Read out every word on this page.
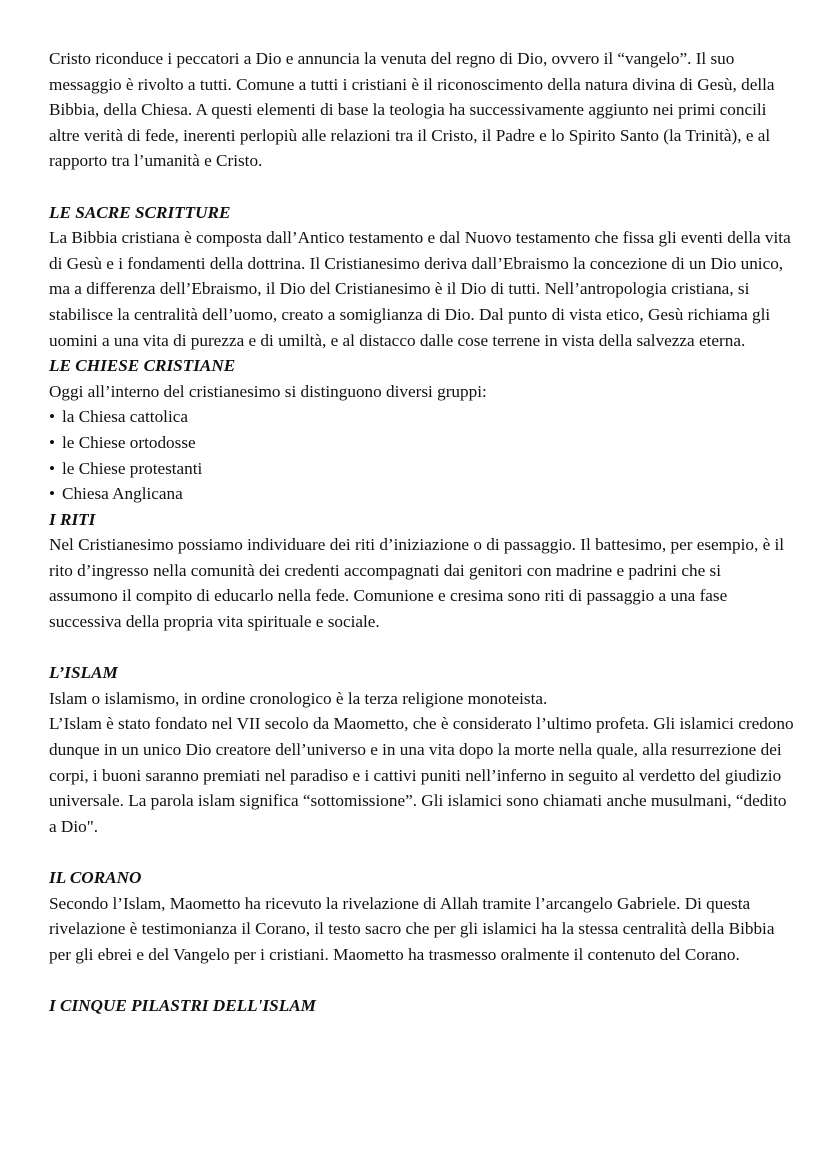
Cristo riconduce i peccatori a Dio e annuncia la venuta del regno di Dio, ovvero il “vangelo”. Il suo messaggio è rivolto a tutti. Comune a tutti i cristiani è il riconoscimento della natura divina di Gesù, della Bibbia, della Chiesa. A questi elementi di base la teologia ha successivamente aggiunto nei primi concili altre verità di fede, inerenti perlopiù alle relazioni tra il Cristo, il Padre e lo Spirito Santo (la Trinità), e al rapporto tra l’umanità e Cristo.

LE SACRE SCRITTURE

La Bibbia cristiana è composta dall’Antico testamento e dal Nuovo testamento che fissa gli eventi della vita di Gesù e i fondamenti della dottrina. Il Cristianesimo deriva dall’Ebraismo la concezione di un Dio unico, ma a differenza dell’Ebraismo, il Dio del Cristianesimo è il Dio di tutti. Nell’antropologia cristiana, si stabilisce la centralità dell’uomo, creato a somiglianza di Dio. Dal punto di vista etico, Gesù richiama gli uomini a una vita di purezza e di umiltà, e al distacco dalle cose terrene in vista della salvezza eterna.

LE CHIESE CRISTIANE

Oggi all’interno del cristianesimo si distinguono diversi gruppi:

• la Chiesa cattolica
• le Chiese ortodosse
• le Chiese protestanti
• Chiesa Anglicana

I RITI

Nel Cristianesimo possiamo individuare dei riti d’iniziazione o di passaggio. Il battesimo, per esempio, è il rito d’ingresso nella comunità dei credenti accompagnati dai genitori con madrine e padrini che si assumono il compito di educarlo nella fede. Comunione e cresima sono riti di passaggio a una fase successiva della propria vita spirituale e sociale.

L’ISLAM

Islam o islamismo, in ordine cronologico è la terza religione monoteista.

L’Islam è stato fondato nel VII secolo da Maometto, che è considerato l’ultimo profeta. Gli islamici credono dunque in un unico Dio creatore dell’universo e in una vita dopo la morte nella quale, alla resurrezione dei corpi, i buoni saranno premiati nel paradiso e i cattivi puniti nell’inferno in seguito al verdetto del giudizio universale. La parola islam significa “sottomissione”. Gli islamici sono chiamati anche musulmani, “dedito a Dio".

IL CORANO

Secondo l’Islam, Maometto ha ricevuto la rivelazione di Allah tramite l’arcangelo Gabriele. Di questa rivelazione è testimonianza il Corano, il testo sacro che per gli islamici ha la stessa centralità della Bibbia per gli ebrei e del Vangelo per i cristiani. Maometto ha trasmesso oralmente il contenuto del Corano.

I CINQUE PILASTRI DELL'ISLAM
